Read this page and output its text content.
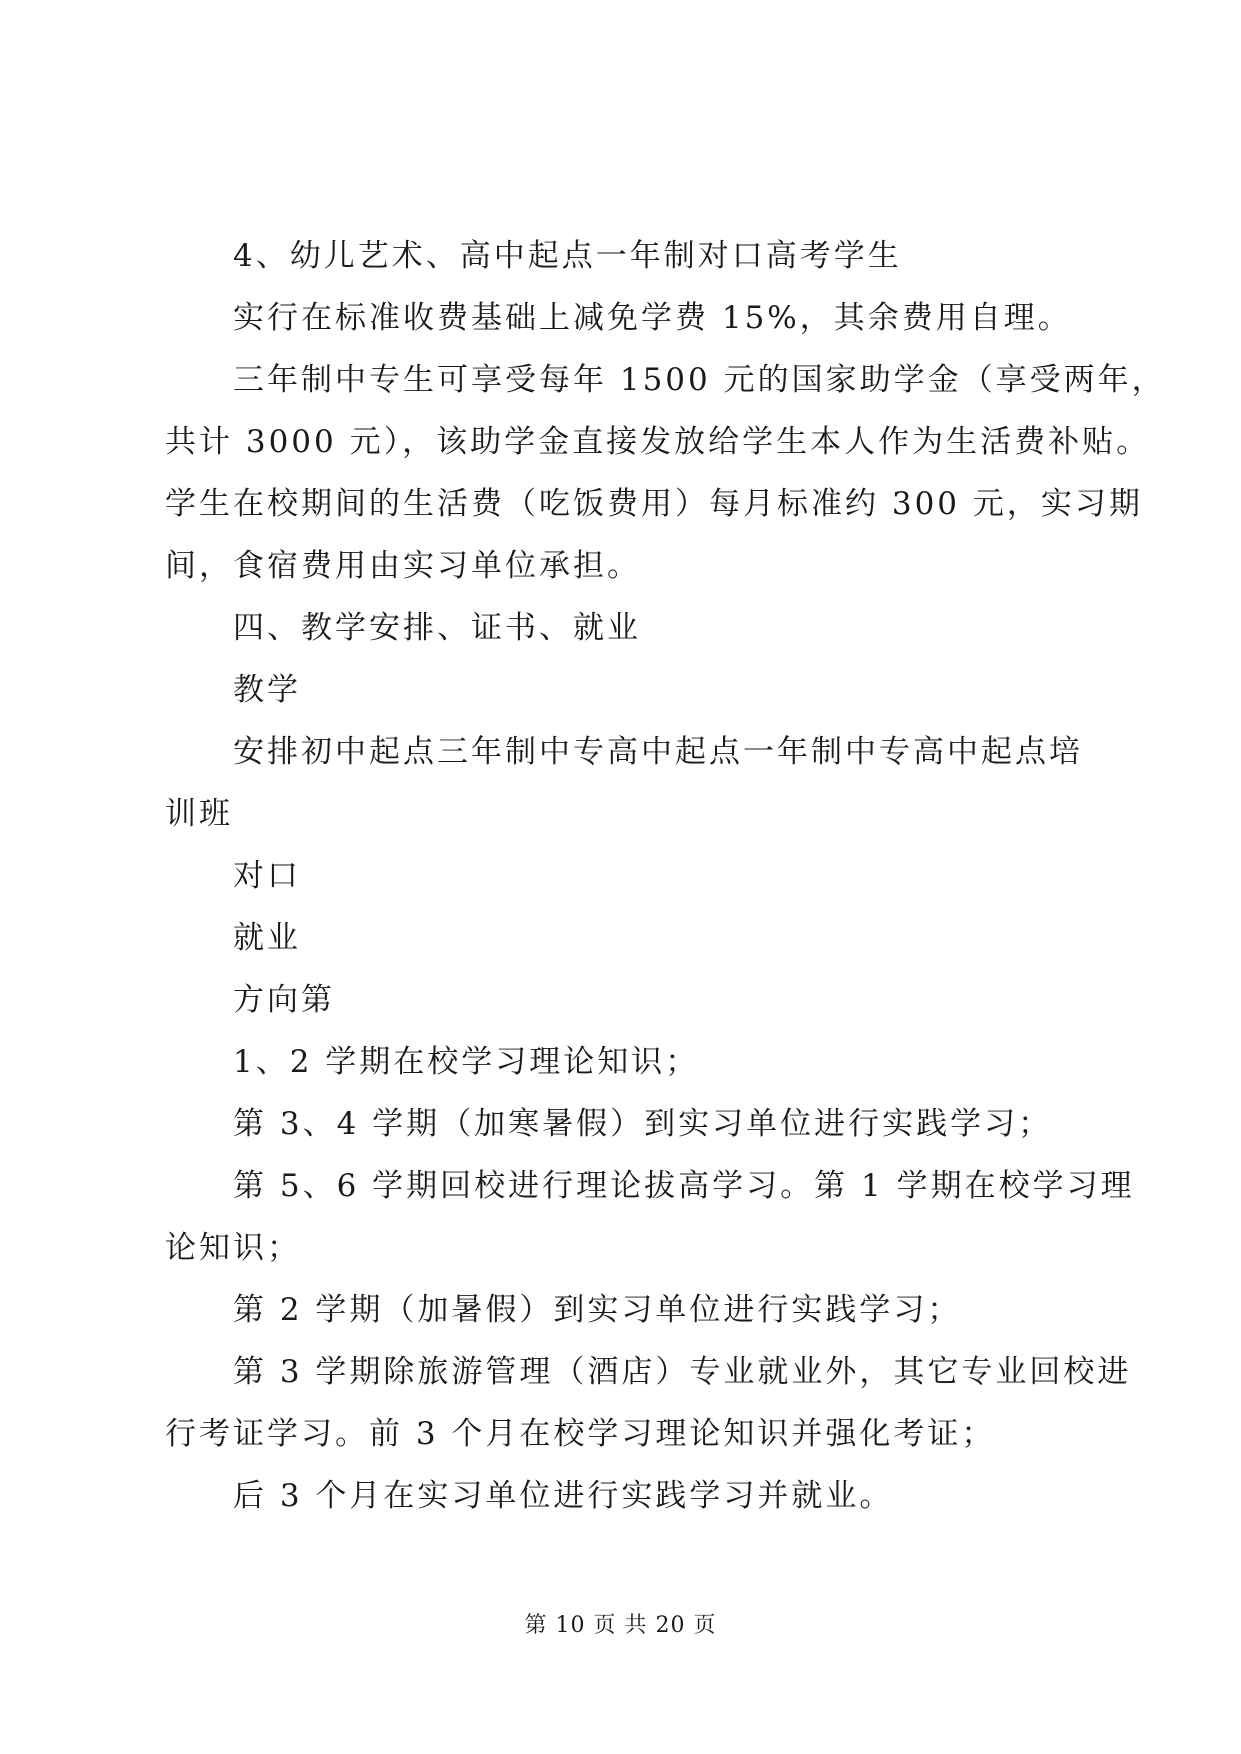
4、幼儿艺术、高中起点一年制对口高考学生
实行在标准收费基础上减免学费 15%，其余费用自理。
三年制中专生可享受每年 1500 元的国家助学金（享受两年，
共计 3000 元），该助学金直接发放给学生本人作为生活费补贴。
学生在校期间的生活费（吃饭费用）每月标准约 300 元，实习期
间，食宿费用由实习单位承担。
四、教学安排、证书、就业
教学
安排初中起点三年制中专高中起点一年制中专高中起点培
训班
对口
就业
方向第
1、2 学期在校学习理论知识；
第 3、4 学期（加寒暑假）到实习单位进行实践学习；
第 5、6 学期回校进行理论拔高学习。第 1 学期在校学习理
论知识；
第 2 学期（加暑假）到实习单位进行实践学习；
第 3 学期除旅游管理（酒店）专业就业外，其它专业回校进
行考证学习。前 3 个月在校学习理论知识并强化考证；
后 3 个月在实习单位进行实践学习并就业。
第 10 页 共 20 页
